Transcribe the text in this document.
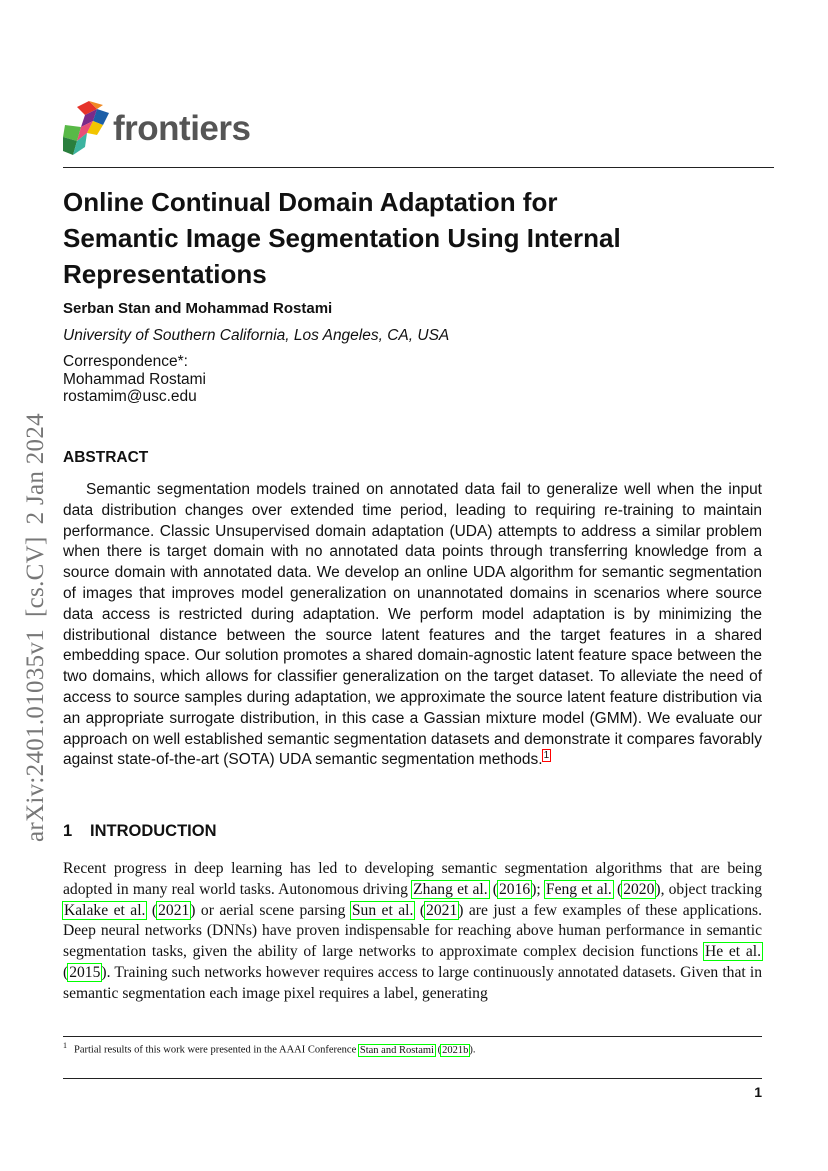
frontiers
Online Continual Domain Adaptation for
Semantic Image Segmentation Using Internal
Representations
Serban Stan and Mohammad Rostami
University of Southern California, Los Angeles, CA, USA
Correspondence*:
Mohammad Rostami
rostamim@usc.edu
arXiv:2401.01035v1[cs.CV]2 Jan 2024 ABSTRACT

Semantic segmentation models trained on annotated data fail to generalize well when the input data distribution changes over extended time period, leading to requiring re-training to maintain performance. Classic Unsupervised domain adaptation (UDA) attempts to address a similar problem when there is target domain with no annotated data points through transferring knowledge from a source domain with annotated data. We develop an online UDA algorithm for semantic segmentation of images that improves model generalization on unannotated domains in scenarios where source data access is restricted during adaptation. We perform model adaptation is by minimizing the distributional distance between the source latent features and the target features in a shared embedding space. Our solution promotes a shared domain-agnostic latent feature space between the two domains, which allows for classifier generalization on the target dataset. To alleviate the need of access to source samples during adaptation, we approximate the source latent feature distribution via an appropriate surrogate distribution, in this case a Gassian mixture model (GMM). We evaluate our approach on well established semantic segmentation datasets and demonstrate it compares favorably against state-of-the-art (SOTA) UDA semantic segmentation methods.$^1$

1 INTRODUCTION

Recent progress in deep learning has led to developing semantic segmentation algorithms that are being adopted in many real world tasks. Autonomous driving Zhang et al. (2016); Feng et al. (2020), object tracking Kalake et al. (2021) or aerial scene parsing Sun et al. (2021) are just a few examples of these applications. Deep neural networks (DNNs) have proven indispensable for reaching above human performance in semantic segmentation tasks, given the ability of large networks to approximate complex decision functions He et al. (2015). Training such networks however requires access to large continuously annotated datasets. Given that in semantic segmentation each image pixel requires a label, generating

$^1$ Partial results of this work were presented in the AAAI Conference Stan and Rostami (2021b).
1
